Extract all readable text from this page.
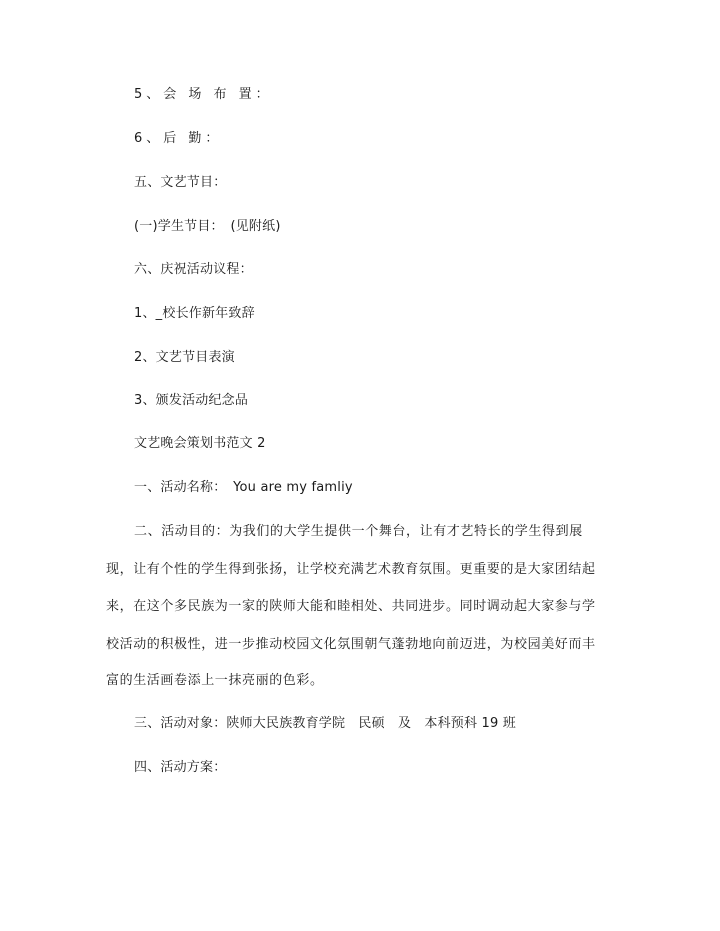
5、会 场 布 置：
6、后 勤：
五、文艺节目：
(一)学生节目：　(见附纸)
六、庆祝活动议程：
1、_校长作新年致辞
2、文艺节目表演
3、颁发活动纪念品
文艺晚会策划书范文 2
一、活动名称：　You are my famliy
二、活动目的：为我们的大学生提供一个舞台，让有才艺特长的学生得到展
现，让有个性的学生得到张扬，让学校充满艺术教育氛围。更重要的是大家团结起
来，在这个多民族为一家的陕师大能和睦相处、共同进步。同时调动起大家参与学
校活动的积极性，进一步推动校园文化氛围朝气蓬勃地向前迈进，为校园美好而丰
富的生活画卷添上一抹亮丽的色彩。
三、活动对象：陕师大民族教育学院　民硕　及　本科预科 19 班
四、活动方案：
